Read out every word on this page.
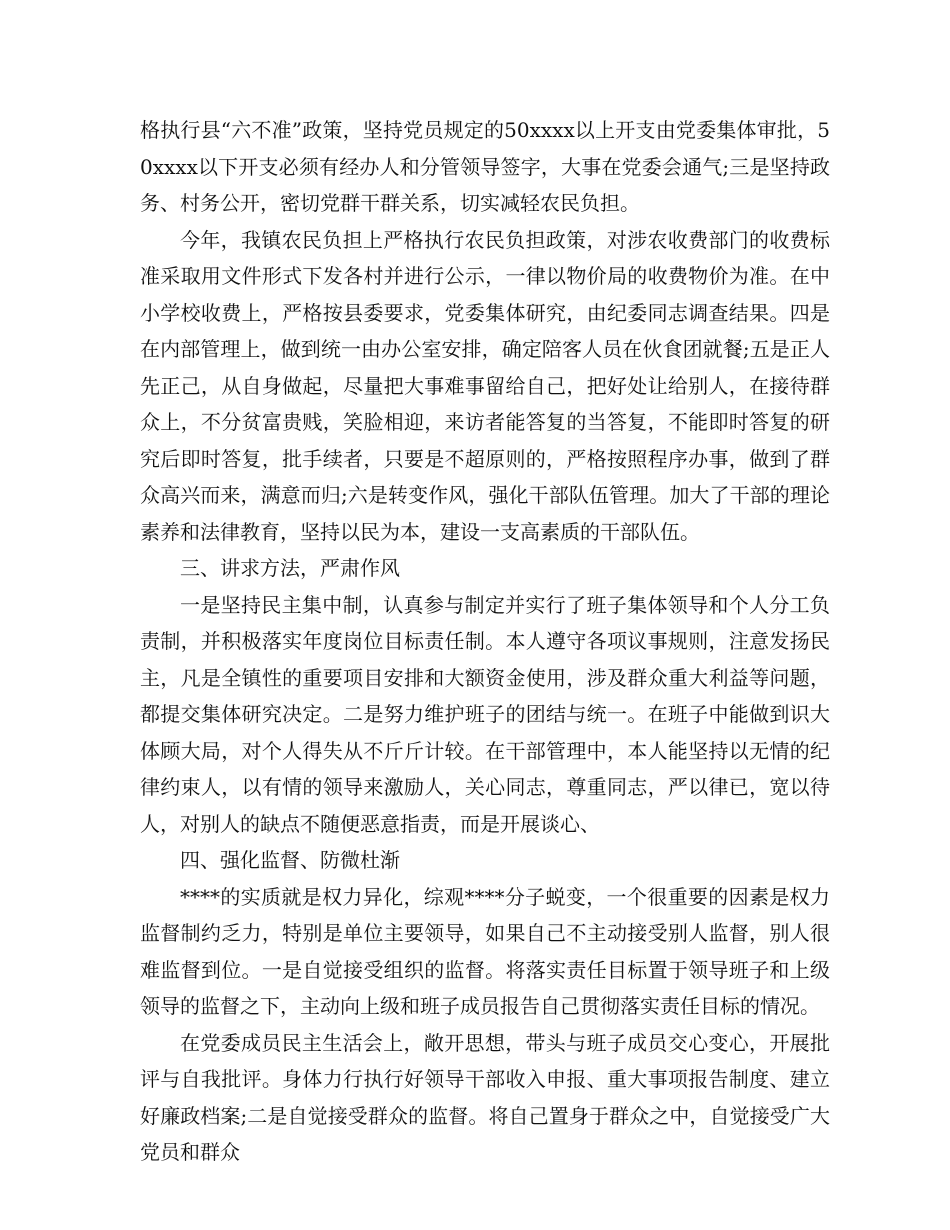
格执行县“六不准”政策，坚持党员规定的50xxxx以上开支由党委集体审批，50xxxx以下开支必须有经办人和分管领导签字，大事在党委会通气;三是坚持政务、村务公开，密切党群干群关系，切实减轻农民负担。

今年，我镇农民负担上严格执行农民负担政策，对涉农收费部门的收费标准采取用文件形式下发各村并进行公示，一律以物价局的收费物价为准。在中小学校收费上，严格按县委要求，党委集体研究，由纪委同志调查结果。四是在内部管理上，做到统一由办公室安排，确定陪客人员在伙食团就餐;五是正人先正己，从自身做起，尽量把大事难事留给自己，把好处让给别人，在接待群众上，不分贫富贵贱，笑脸相迎，来访者能答复的当答复，不能即时答复的研究后即时答复，批手续者，只要是不超原则的，严格按照程序办事，做到了群众高兴而来，满意而归;六是转变作风，强化干部队伍管理。加大了干部的理论素养和法律教育，坚持以民为本，建设一支高素质的干部队伍。

三、讲求方法，严肃作风

一是坚持民主集中制，认真参与制定并实行了班子集体领导和个人分工负责制，并积极落实年度岗位目标责任制。本人遵守各项议事规则，注意发扬民主，凡是全镇性的重要项目安排和大额资金使用，涉及群众重大利益等问题，都提交集体研究决定。二是努力维护班子的团结与统一。在班子中能做到识大体顾大局，对个人得失从不斤斤计较。在干部管理中，本人能坚持以无情的纪律约束人，以有情的领导来激励人，关心同志，尊重同志，严以律已，宽以待人，对别人的缺点不随便恶意指责，而是开展谈心、

四、强化监督、防微杜渐

****的实质就是权力异化，综观****分子蜕变，一个很重要的因素是权力监督制约乏力，特别是单位主要领导，如果自己不主动接受别人监督，别人很难监督到位。一是自觉接受组织的监督。将落实责任目标置于领导班子和上级领导的监督之下，主动向上级和班子成员报告自己贯彻落实责任目标的情况。

在党委成员民主生活会上，敞开思想，带头与班子成员交心变心，开展批评与自我批评。身体力行执行好领导干部收入申报、重大事项报告制度、建立好廉政档案;二是自觉接受群众的监督。将自己置身于群众之中，自觉接受广大党员和群众
